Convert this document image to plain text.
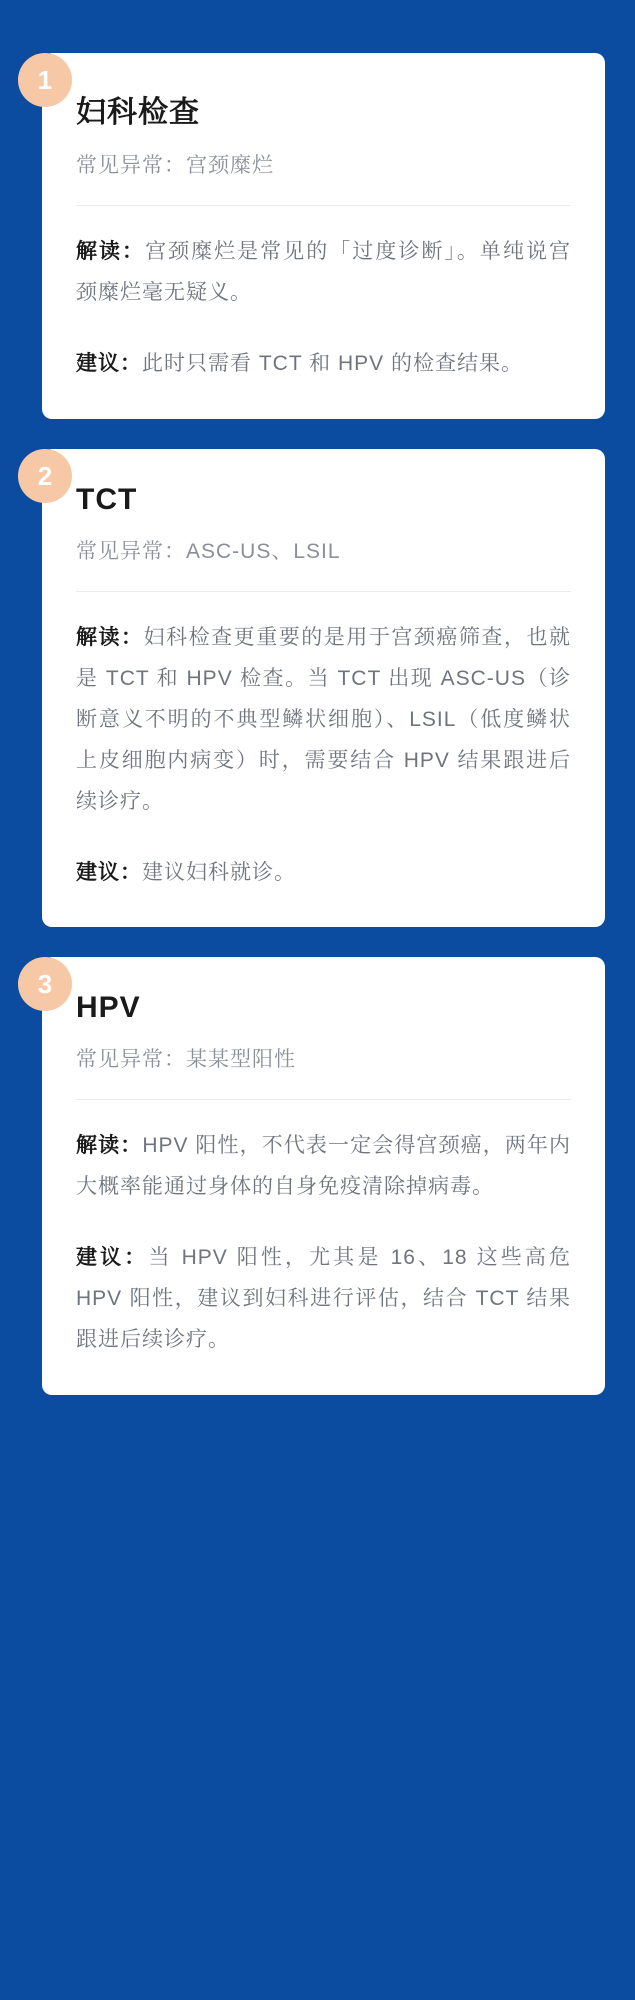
1
妇科检查
常见异常：宫颈糜烂
解读：宫颈糜烂是常见的「过度诊断」。单纯说宫颈糜烂毫无疑义。
建议：此时只需看 TCT 和 HPV 的检查结果。
2
TCT
常见异常：ASC-US、LSIL
解读：妇科检查更重要的是用于宫颈癌筛查，也就是 TCT 和 HPV 检查。当 TCT 出现 ASC-US（诊断意义不明的不典型鳞状细胞）、LSIL（低度鳞状上皮细胞内病变）时，需要结合 HPV 结果跟进后续诊疗。
建议：建议妇科就诊。
3
HPV
常见异常：某某型阳性
解读：HPV 阳性，不代表一定会得宫颈癌，两年内大概率能通过身体的自身免疫清除掉病毒。
建议：当 HPV 阳性，尤其是 16、18 这些高危 HPV 阳性，建议到妇科进行评估，结合 TCT 结果跟进后续诊疗。
